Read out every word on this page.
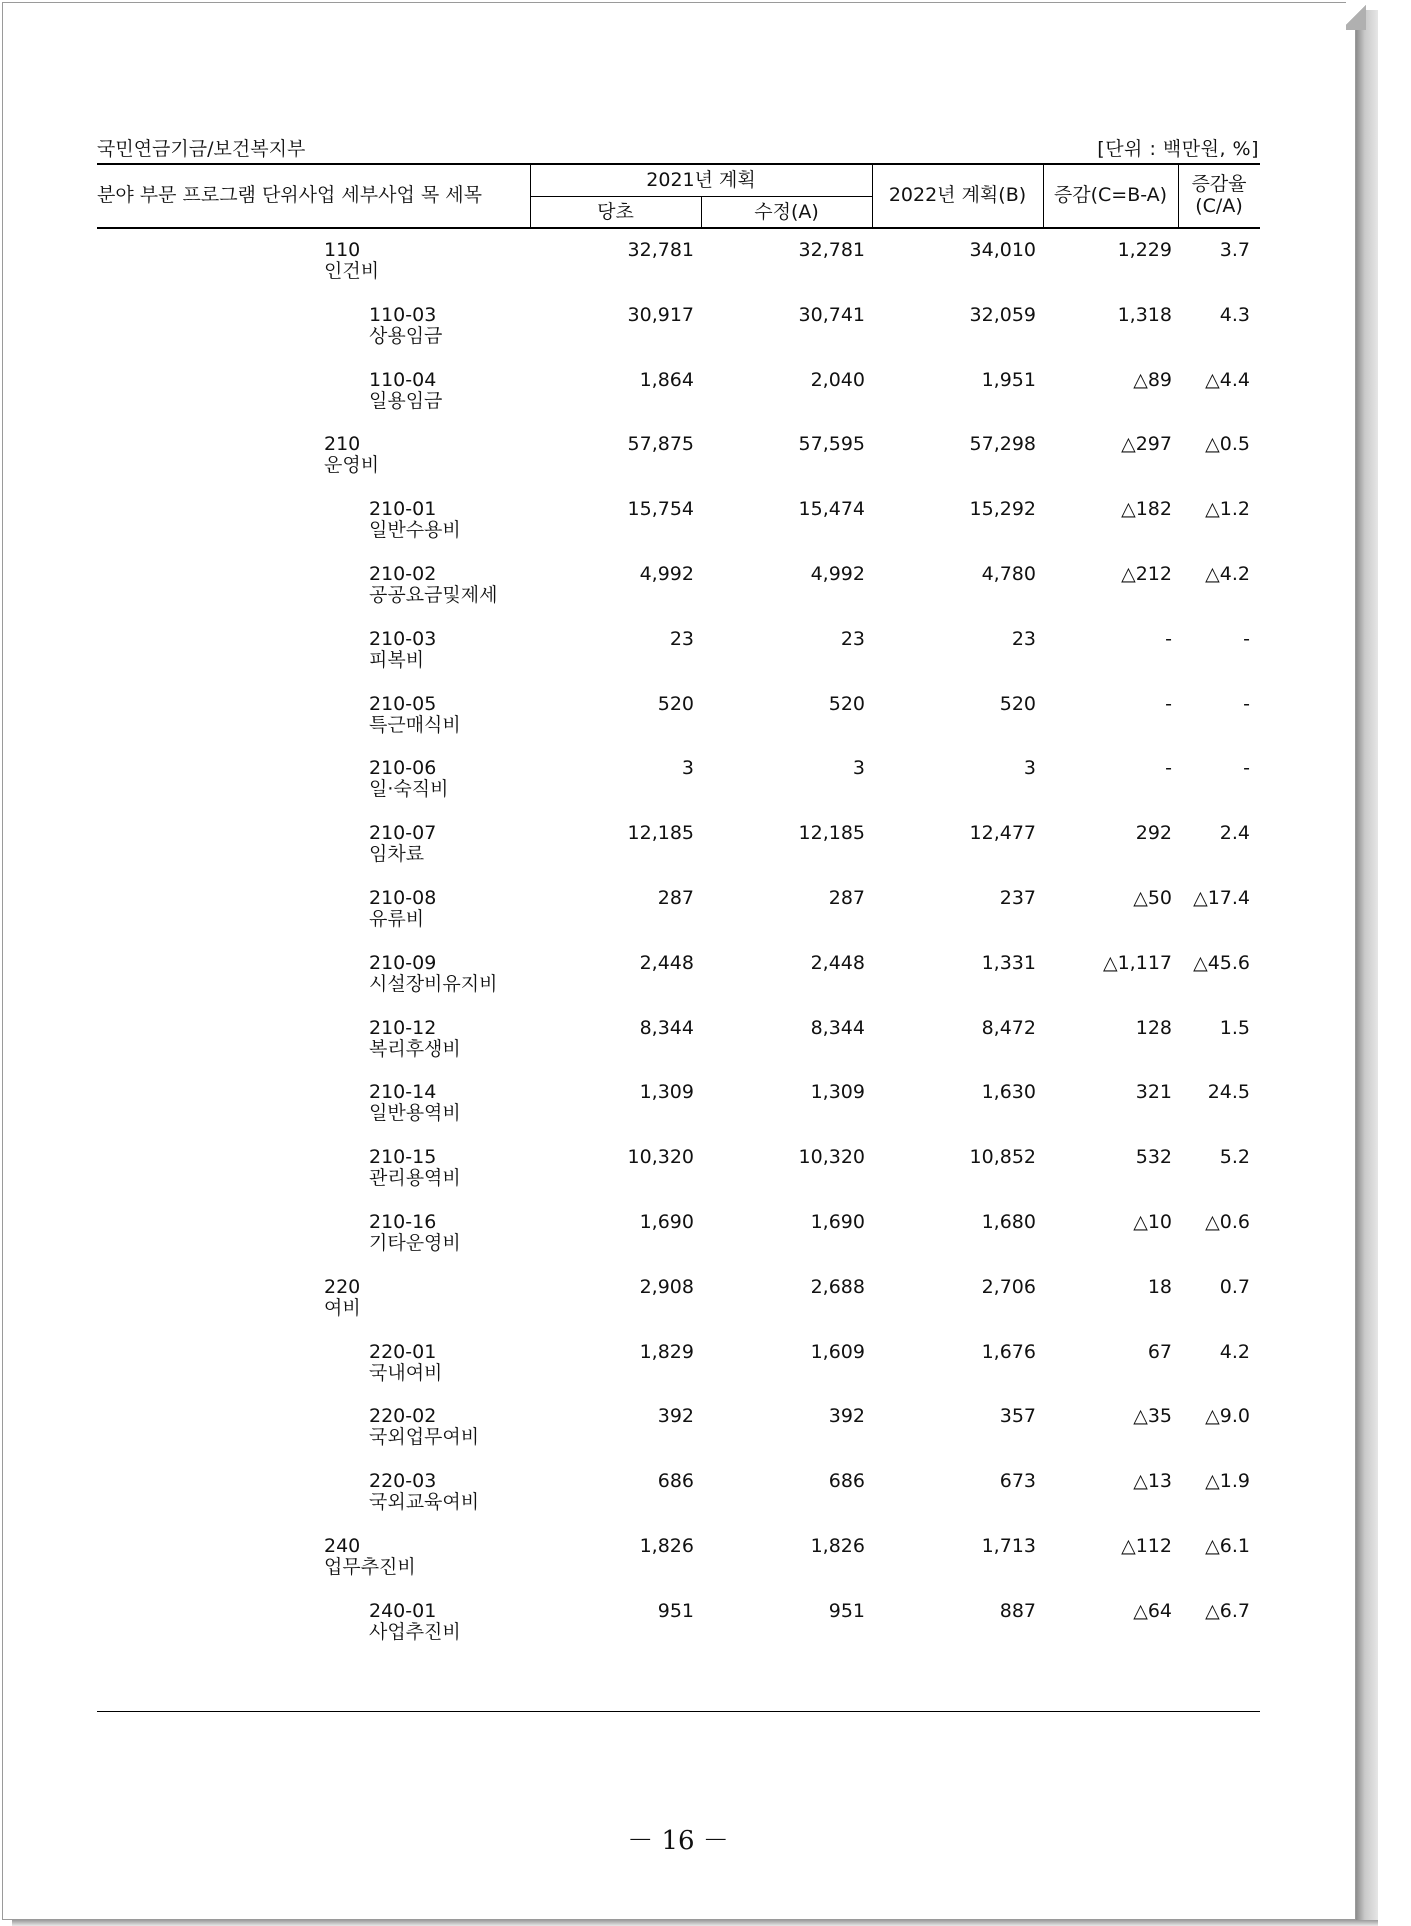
국민연금기금/보건복지부	[단위 : 백만원, %]
분야 부문 프로그램 단위사업 세부사업 목 세목
2021년 계획
당초	수정(A)
2022년 계획(B)	증감(C=B-A)	증감율
(C/A)
110
인건비
32,781	32,781	34,010	1,229	3.7
110-03
상용임금
30,917	30,741	32,059	1,318	4.3
110-04
일용임금
1,864	2,040	1,951	△89 △4.4
210
운영비
57,875	57,595	57,298	△297 △0.5
210-01
일반수용비
15,754	15,474	15,292	△182 △1.2
210-02
공공요금및제세
4,992	4,992	4,780	△212 △4.2
210-03
피복비
23	23	23	-	-
210-05
특근매식비
520	520	520	-	-
210-06
일·숙직비
3	3	3	-	-
210-07
임차료
12,185	12,185	12,477	292	2.4
210-08
유류비
287	287	237	△50 △17.4
210-09
시설장비유지비
2,448	2,448	1,331	△1,117 △45.6
210-12
복리후생비
8,344	8,344	8,472	128	1.5
210-14
일반용역비
1,309	1,309	1,630	321 24.5
210-15
관리용역비
10,320	10,320	10,852	532	5.2
210-16
기타운영비
1,690	1,690	1,680	△10 △0.6
220
여비
2,908	2,688	2,706	18	0.7
220-01
국내여비
1,829	1,609	1,676	67	4.2
220-02
국외업무여비
392	392	357	△35 △9.0
220-03
국외교육여비
686	686	673	△13 △1.9
240
업무추진비
1,826	1,826	1,713	△112 △6.1
240-01
사업추진비
951	951	887	△64 △6.7
－ 16 －
